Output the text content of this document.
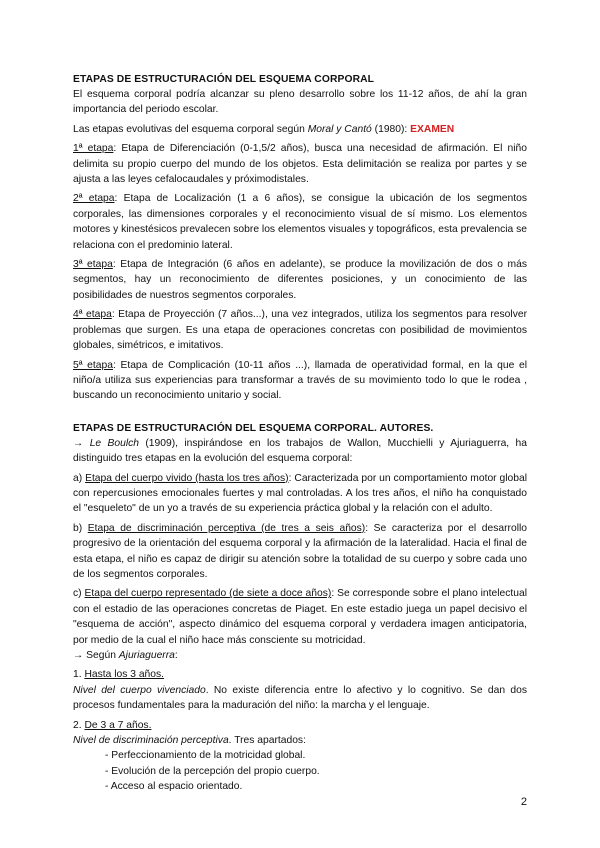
ETAPAS DE ESTRUCTURACIÓN DEL ESQUEMA CORPORAL

El esquema corporal podría alcanzar su pleno desarrollo sobre los 11-12 años, de ahí la gran importancia del periodo escolar.

Las etapas evolutivas del esquema corporal según Moral y Cantó (1980): EXAMEN

1ª etapa: Etapa de Diferenciación (0-1,5/2 años), busca una necesidad de afirmación. El niño delimita su propio cuerpo del mundo de los objetos. Esta delimitación se realiza por partes y se ajusta a las leyes cefalocaudales y próximodistales.

2ª etapa: Etapa de Localización (1 a 6 años), se consigue la ubicación de los segmentos corporales, las dimensiones corporales y el reconocimiento visual de sí mismo. Los elementos motores y kinestésicos prevalecen sobre los elementos visuales y topográficos, esta prevalencia se relaciona con el predominio lateral.

3ª etapa: Etapa de Integración (6 años en adelante), se produce la movilización de dos o más segmentos, hay un reconocimiento de diferentes posiciones, y un conocimiento de las posibilidades de nuestros segmentos corporales.

4ª etapa: Etapa de Proyección (7 años...), una vez integrados, utiliza los segmentos para resolver problemas que surgen. Es una etapa de operaciones concretas con posibilidad de movimientos globales, simétricos, e imitativos.

5ª etapa: Etapa de Complicación (10-11 años ...), llamada de operatividad formal, en la que el niño/a utiliza sus experiencias para transformar a través de su movimiento todo lo que le rodea , buscando un reconocimiento unitario y social.

ETAPAS DE ESTRUCTURACIÓN DEL ESQUEMA CORPORAL. AUTORES.

→ Le Boulch (1909), inspirándose en los trabajos de Wallon, Mucchielli y Ajuriaguerra, ha distinguido tres etapas en la evolución del esquema corporal:

a) Etapa del cuerpo vivido (hasta los tres años): Caracterizada por un comportamiento motor global con repercusiones emocionales fuertes y mal controladas. A los tres años, el niño ha conquistado el "esqueleto" de un yo a través de su experiencia práctica global y la relación con el adulto.

b) Etapa de discriminación perceptiva (de tres a seis años): Se caracteriza por el desarrollo progresivo de la orientación del esquema corporal y la afirmación de la lateralidad. Hacia el final de esta etapa, el niño es capaz de dirigir su atención sobre la totalidad de su cuerpo y sobre cada uno de los segmentos corporales.

c) Etapa del cuerpo representado (de siete a doce años): Se corresponde sobre el plano intelectual con el estadio de las operaciones concretas de Piaget. En este estadio juega un papel decisivo el "esquema de acción", aspecto dinámico del esquema corporal y verdadera imagen anticipatoria, por medio de la cual el niño hace más consciente su motricidad.

→ Según Ajuriaguerra:

1. Hasta los 3 años.

Nivel del cuerpo vivenciado. No existe diferencia entre lo afectivo y lo cognitivo. Se dan dos procesos fundamentales para la maduración del niño: la marcha y el lenguaje.

2. De 3 a 7 años.

Nivel de discriminación perceptiva. Tres apartados:

- Perfeccionamiento de la motricidad global.
- Evolución de la percepción del propio cuerpo.
- Acceso al espacio orientado.
2
